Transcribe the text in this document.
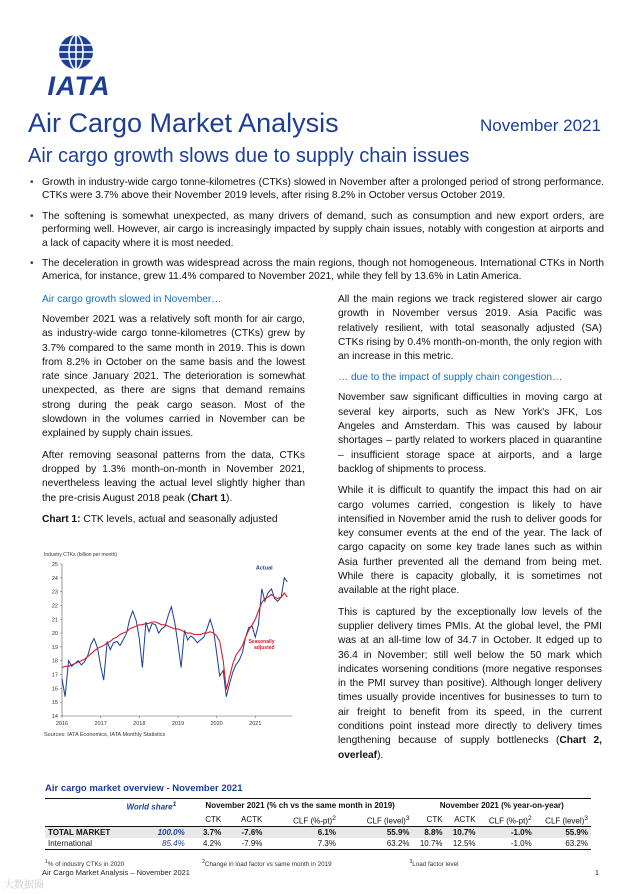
IATA
Air Cargo Market Analysis	November 2021
Air cargo growth slows due to supply chain issues
• Growth in industry-wide cargo tonne-kilometres (CTKs) slowed in November after a prolonged period of strong performance. CTKs were 3.7% above their November 2019 levels, after rising 8.2% in October versus October 2019.
• The softening is somewhat unexpected, as many drivers of demand, such as consumption and new export orders, are performing well. However, air cargo is increasingly impacted by supply chain issues, notably with congestion at airports and a lack of capacity where it is most needed.
• The deceleration in growth was widespread across the main regions, though not homogeneous. International CTKs in North America, for instance, grew 11.4% compared to November 2021, while they fell by 13.6% in Latin America.
Air cargo growth slowed in November…

November 2021 was a relatively soft month for air cargo, as industry-wide cargo tonne-kilometres (CTKs) grew by 3.7% compared to the same month in 2019. This is down from 8.2% in October on the same basis and the lowest rate since January 2021. The deterioration is somewhat unexpected, as there are signs that demand remains strong during the peak cargo season. Most of the slowdown in the volumes carried in November can be explained by supply chain issues.

After removing seasonal patterns from the data, CTKs dropped by 1.3% month-on-month in November 2021, nevertheless leaving the actual level slightly higher than the pre-crisis August 2018 peak (Chart 1).

Chart 1: CTK levels, actual and seasonally adjusted
Industry CTKs (billion per month)
14
15
16
17
18
19
20
21
22
23
24
25
2016	2017	2018	2019	2020	2021
Actual
Seasonally
adjusted
Sources: IATA Economics, IATA Monthly Statistics

All the main regions we track registered slower air cargo growth in November versus 2019. Asia Pacific was relatively resilient, with total seasonally adjusted (SA) CTKs rising by 0.4% month-on-month, the only region with an increase in this metric.

… due to the impact of supply chain congestion…

November saw significant difficulties in moving cargo at several key airports, such as New York's JFK, Los Angeles and Amsterdam. This was caused by labour shortages – partly related to workers placed in quarantine – insufficient storage space at airports, and a large backlog of shipments to process.

While it is difficult to quantify the impact this had on air cargo volumes carried, congestion is likely to have intensified in November amid the rush to deliver goods for key consumer events at the end of the year. The lack of cargo capacity on some key trade lanes such as within Asia further prevented all the demand from being met. While there is capacity globally, it is sometimes not available at the right place.

This is captured by the exceptionally low levels of the supplier delivery times PMIs. At the global level, the PMI was at an all-time low of 34.7 in October. It edged up to 36.4 in November; still well below the 50 mark which indicates worsening conditions (more negative responses in the PMI survey than positive). Although longer delivery times usually provide incentives for businesses to turn to air freight to benefit from its speed, in the current conditions point instead more directly to delivery times lengthening because of supply bottlenecks (Chart 2, overleaf).

Air cargo market overview - November 2021
	World share$^1$	November 2021 (% ch vs the same month in 2019)				November 2021 (% year-on-year)			
		CTK	ACTK	CLF $(\%-pt)^2$	CLF (level)$^3$	CTK	ACTK	CLF $(\%-pt)^2$	CLF (level)$^3$
TOTAL MARKET	100.0%	3.7%	-7.6%	6.1%	55.9%	8.8%	10.7%	-1.0%	55.9%
International	85.4%	4.2%	-7.9%	7.3%	63.2%	10.7%	12.5%	-1.0%	63.2%
$^1$% of industry CTKs in 2020	$^2$Change in load factor vs same month in 2019	$^3$Load factor level
Air Cargo Market Analysis – November 2021	1
大数据圈
